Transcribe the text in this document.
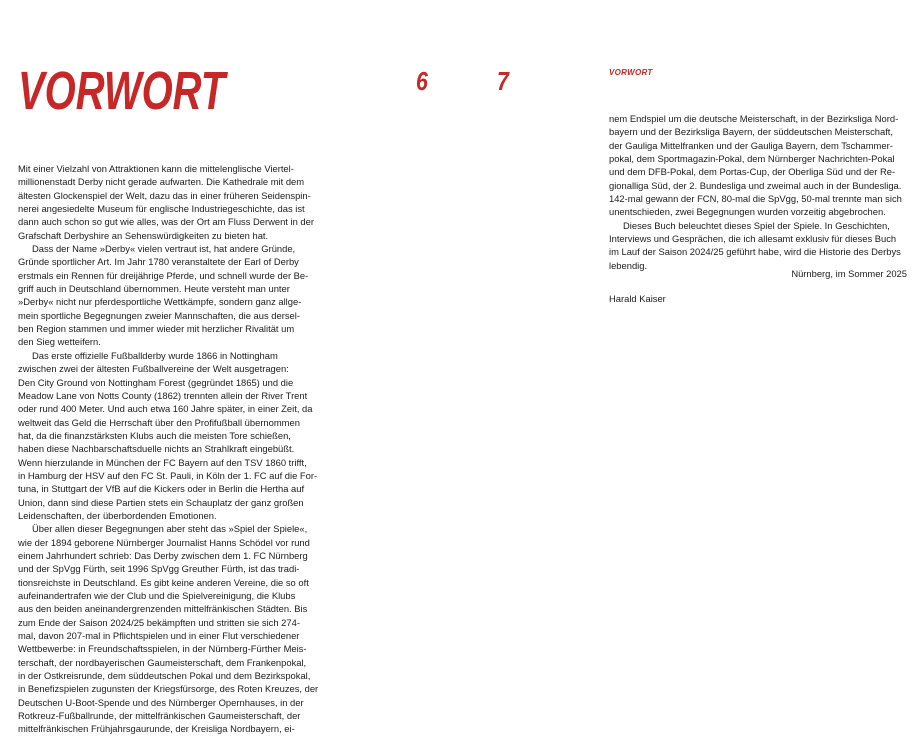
VORWORT	6	7	VORWORT
Mit einer Vielzahl von Attraktionen kann die mittelenglische Viertel-
millionenstadt Derby nicht gerade aufwarten. Die Kathedrale mit dem
ältesten Glockenspiel der Welt, dazu das in einer früheren Seidenspin-
nerei angesiedelte Museum für englische Industriegeschichte, das ist
dann auch schon so gut wie alles, was der Ort am Fluss Derwent in der
Grafschaft Derbyshire an Sehenswürdigkeiten zu bieten hat.
Dass der Name »Derby« vielen vertraut ist, hat andere Gründe,
Gründe sportlicher Art. Im Jahr 1780 veranstaltete der Earl of Derby
erstmals ein Rennen für dreijährige Pferde, und schnell wurde der Be-
griff auch in Deutschland übernommen. Heute versteht man unter
»Derby« nicht nur pferdesportliche Wettkämpfe, sondern ganz allge-
mein sportliche Begegnungen zweier Mannschaften, die aus dersel-
ben Region stammen und immer wieder mit herzlicher Rivalität um
den Sieg wetteifern.
Das erste offizielle Fußballderby wurde 1866 in Nottingham
zwischen zwei der ältesten Fußballvereine der Welt ausgetragen:
Den City Ground von Nottingham Forest (gegründet 1865) und die
Meadow Lane von Notts County (1862) trennten allein der River Trent
oder rund 400 Meter. Und auch etwa 160 Jahre später, in einer Zeit, da
weltweit das Geld die Herrschaft über den Profifußball übernommen
hat, da die finanzstärksten Klubs auch die meisten Tore schießen,
haben diese Nachbarschaftsduelle nichts an Strahlkraft eingebüßt.
Wenn hierzulande in München der FC Bayern auf den TSV 1860 trifft,
in Hamburg der HSV auf den FC St. Pauli, in Köln der 1. FC auf die For-
tuna, in Stuttgart der VfB auf die Kickers oder in Berlin die Hertha auf
Union, dann sind diese Partien stets ein Schauplatz der ganz großen
Leidenschaften, der überbordenden Emotionen.
Über allen dieser Begegnungen aber steht das »Spiel der Spiele«,
wie der 1894 geborene Nürnberger Journalist Hanns Schödel vor rund
einem Jahrhundert schrieb: Das Derby zwischen dem 1. FC Nürnberg
und der SpVgg Fürth, seit 1996 SpVgg Greuther Fürth, ist das tradi-
tionsreichste in Deutschland. Es gibt keine anderen Vereine, die so oft
aufeinandertrafen wie der Club und die Spielvereinigung, die Klubs
aus den beiden aneinandergrenzenden mittelfränkischen Städten. Bis
zum Ende der Saison 2024/25 bekämpften und stritten sie sich 274-
mal, davon 207-mal in Pflichtspielen und in einer Flut verschiedener
Wettbewerbe: in Freundschaftsspielen, in der Nürnberg-Fürther Meis-
terschaft, der nordbayerischen Gaumeisterschaft, dem Frankenpokal,
in der Ostkreisrunde, dem süddeutschen Pokal und dem Bezirkspokal,
in Benefizspielen zugunsten der Kriegsfürsorge, des Roten Kreuzes, der
Deutschen U-Boot-Spende und des Nürnberger Opernhauses, in der
Rotkreuz-Fußballrunde, der mittelfränkischen Gaumeisterschaft, der
mittelfränkischen Frühjahrsgaurunde, der Kreisliga Nordbayern, ei-
nem Endspiel um die deutsche Meisterschaft, in der Bezirksliga Nord-
bayern und der Bezirksliga Bayern, der süddeutschen Meisterschaft,
der Gauliga Mittelfranken und der Gauliga Bayern, dem Tschammer-
pokal, dem Sportmagazin-Pokal, dem Nürnberger Nachrichten-Pokal
und dem DFB-Pokal, dem Portas-Cup, der Oberliga Süd und der Re-
gionalliga Süd, der 2. Bundesliga und zweimal auch in der Bundesliga.
142-mal gewann der FCN, 80-mal die SpVgg, 50-mal trennte man sich
unentschieden, zwei Begegnungen wurden vorzeitig abgebrochen.
Dieses Buch beleuchtet dieses Spiel der Spiele. In Geschichten,
Interviews und Gesprächen, die ich allesamt exklusiv für dieses Buch
im Lauf der Saison 2024/25 geführt habe, wird die Historie des Derbys
lebendig.
Nürnberg, im Sommer 2025
Harald Kaiser
